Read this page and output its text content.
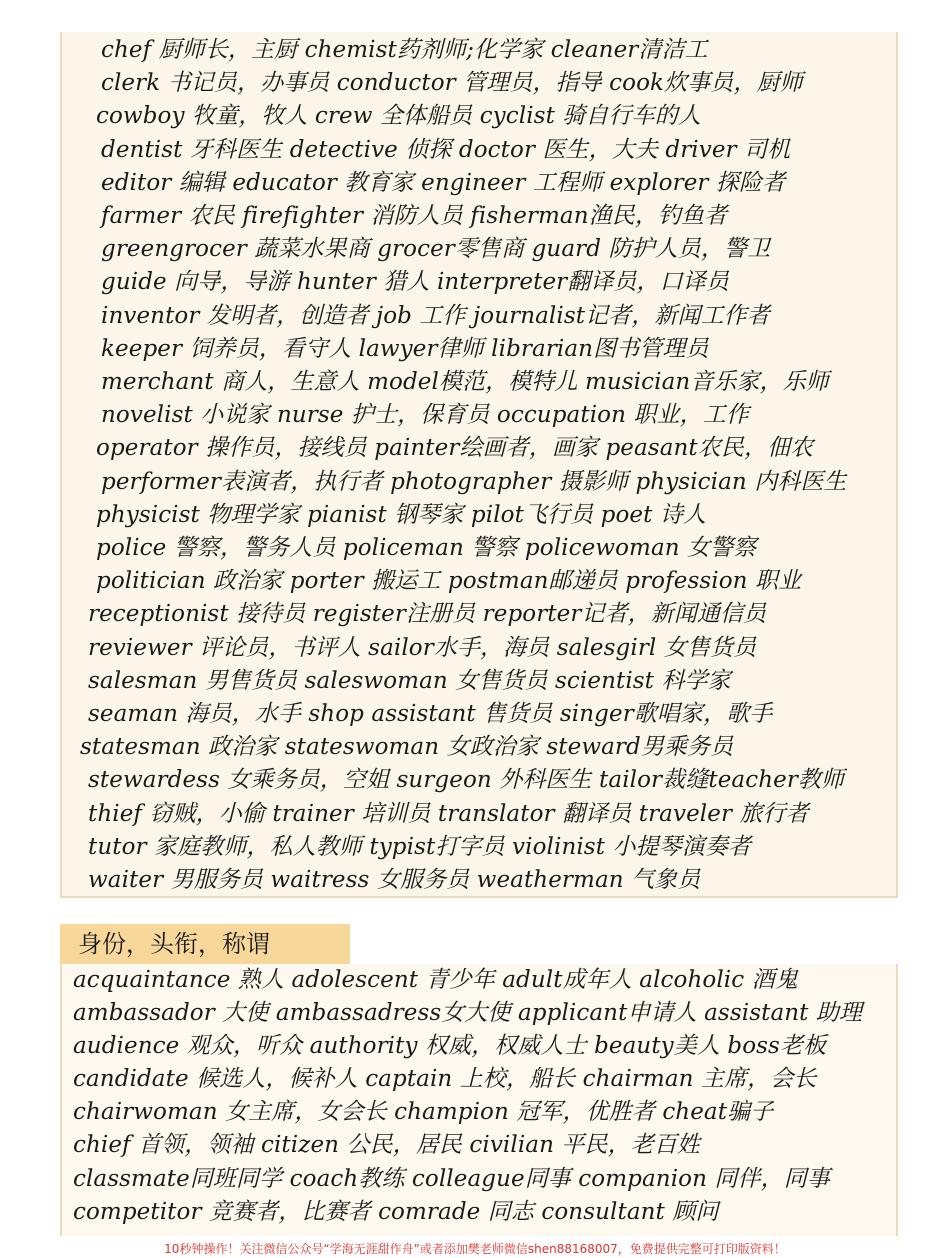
chef 厨师长，主厨 chemist药剂师;化学家 cleaner清洁工
clerk 书记员，办事员 conductor 管理员，指导 cook炊事员，厨师
cowboy 牧童，牧人 crew 全体船员 cyclist 骑自行车的人
dentist 牙科医生 detective 侦探 doctor 医生，大夫 driver 司机
editor 编辑 educator 教育家 engineer 工程师 explorer 探险者
farmer 农民 firefighter 消防人员 fisherman渔民，钓鱼者
greengrocer 蔬菜水果商 grocer零售商 guard 防护人员，警卫
guide 向导，导游 hunter 猎人 interpreter翻译员，口译员
inventor 发明者，创造者 job 工作 journalist记者，新闻工作者
keeper 饲养员，看守人 lawyer律师 librarian图书管理员
merchant 商人，生意人 model模范，模特儿 musician音乐家，乐师
novelist 小说家 nurse 护士，保育员 occupation 职业，工作
operator 操作员，接线员 painter绘画者，画家 peasant农民，佃农
performer表演者，执行者 photographer 摄影师 physician 内科医生
physicist 物理学家 pianist 钢琴家 pilot飞行员 poet 诗人
police 警察，警务人员 policeman 警察 policewoman 女警察
politician 政治家 porter 搬运工 postman邮递员 profession 职业
receptionist 接待员 register注册员 reporter记者，新闻通信员
reviewer 评论员，书评人 sailor水手，海员 salesgirl 女售货员
salesman 男售货员 saleswoman 女售货员 scientist 科学家
seaman 海员，水手 shop assistant 售货员 singer歌唱家，歌手
statesman 政治家 stateswoman 女政治家 steward男乘务员
stewardess 女乘务员，空姐 surgeon 外科医生 tailor裁缝teacher教师
thief 窃贼，小偷 trainer 培训员 translator 翻译员 traveler 旅行者
tutor 家庭教师，私人教师 typist打字员 violinist 小提琴演奏者
waiter 男服务员 waitress 女服务员 weatherman 气象员
身份，头衔，称谓
acquaintance 熟人 adolescent 青少年 adult成年人 alcoholic 酒鬼
ambassador 大使 ambassadress女大使 applicant申请人 assistant 助理
audience 观众，听众 authority 权威，权威人士 beauty美人 boss老板
candidate 候选人，候补人 captain 上校，船长 chairman 主席，会长
chairwoman 女主席，女会长 champion 冠军，优胜者 cheat骗子
chief 首领，领袖 citizen 公民，居民 civilian 平民，老百姓
classmate同班同学 coach教练 colleague同事 companion 同伴，同事
competitor 竞赛者，比赛者 comrade 同志 consultant 顾问
10秒钟操作！关注微信公众号“学海无涯甜作舟”或者添加樊老师微信shen88168007，免费提供完整可打印版资料！
